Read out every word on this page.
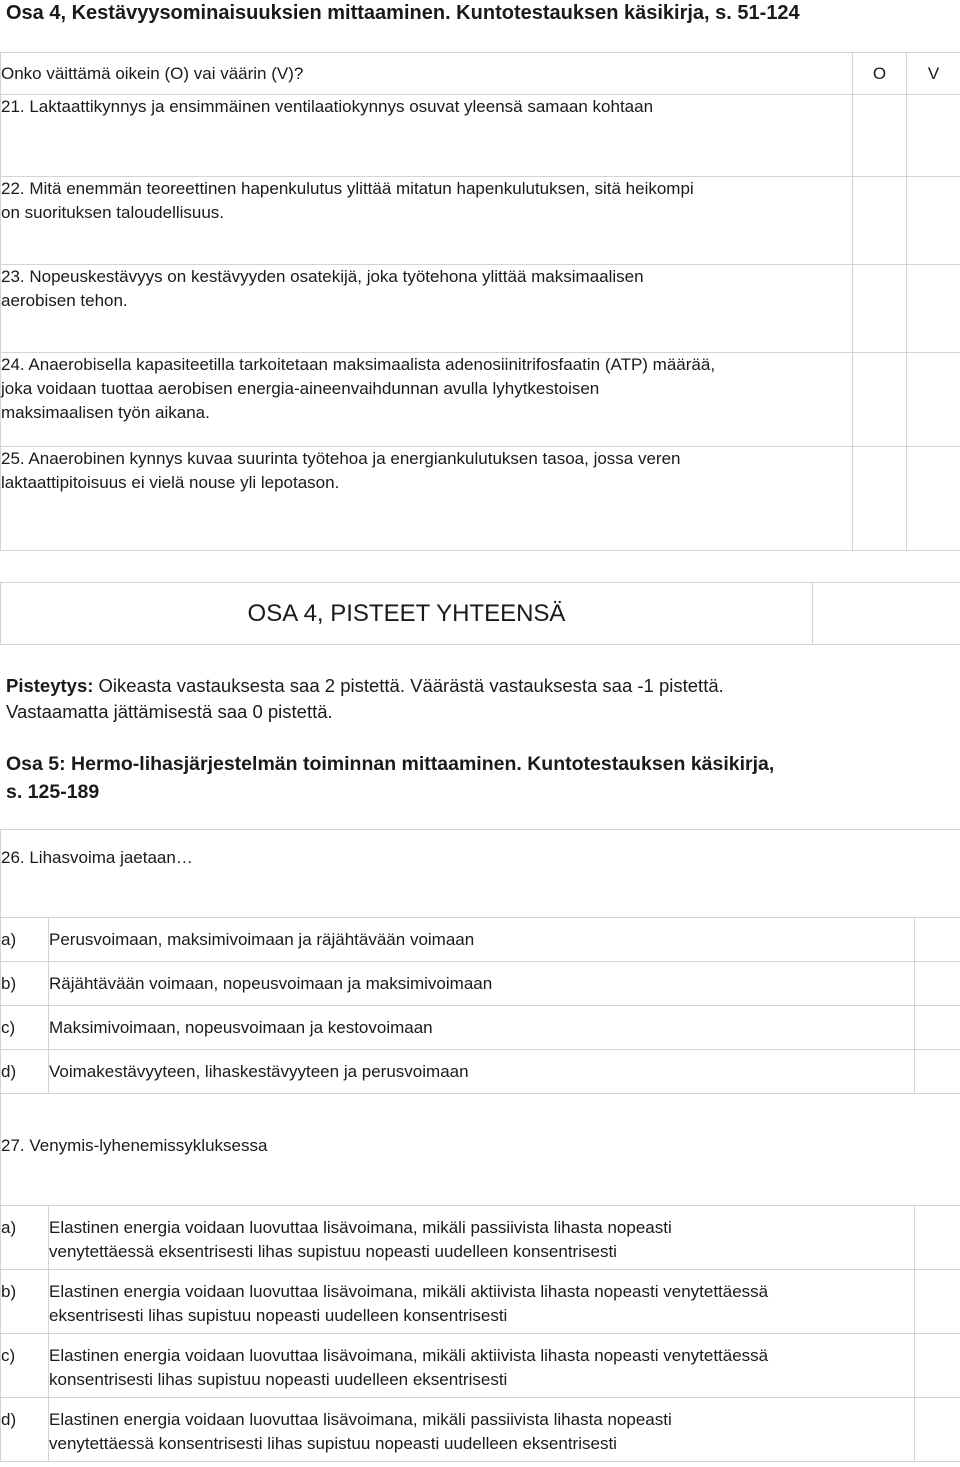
Osa 4, Kestävyysominaisuuksien mittaaminen. Kuntotestauksen käsikirja, s. 51-124
Onko väittämä oikein (O) vai väärin (V)?	O	V

21. Laktaattikynnys ja ensimmäinen ventilaatiokynnys osuvat yleensä samaan kohtaan		

22. Mitä enemmän teoreettinen hapenkulutus ylittää mitatun hapenkulutuksen, sitä heikompi
on suorituksen taloudellisuus.		

23. Nopeuskestävyys on kestävyyden osatekijä, joka työtehona ylittää maksimaalisen
aerobisen tehon.		

24. Anaerobisella kapasiteetilla tarkoitetaan maksimaalista adenosiinitrifosfaatin (ATP) määrää,
joka voidaan tuottaa aerobisen energia-aineenvaihdunnan avulla lyhytkestoisen
maksimaalisen työn aikana.		

25. Anaerobinen kynnys kuvaa suurinta työtehoa ja energiankulutuksen tasoa, jossa veren
laktaattipitoisuus ei vielä nouse yli lepotason.		

OSA 4, PISTEET YHTEENSÄ	
Pisteytys: Oikeasta vastauksesta saa 2 pistettä. Väärästä vastauksesta saa -1 pistettä.
Vastaamatta jättämisestä saa 0 pistettä.
Osa 5: Hermo-lihasjärjestelmän toiminnan mittaaminen. Kuntotestauksen käsikirja,
s. 125-189
26. Lihasvoima jaetaan…		
a)	Perusvoimaan, maksimivoimaan ja räjähtävään voimaan	
b)	Räjähtävään voimaan, nopeusvoimaan ja maksimivoimaan	
c)	Maksimivoimaan, nopeusvoimaan ja kestovoimaan	
d)	Voimakestävyyteen, lihaskestävyyteen ja perusvoimaan	
27. Venymis-lyhenemissykluksessa		
a)	Elastinen energia voidaan luovuttaa lisävoimana, mikäli passiivista lihasta nopeasti
venytettäessä eksentrisesti lihas supistuu nopeasti uudelleen konsentrisesti	

b)	Elastinen energia voidaan luovuttaa lisävoimana, mikäli aktiivista lihasta nopeasti venytettäessä
eksentrisesti lihas supistuu nopeasti uudelleen konsentrisesti	

c)	Elastinen energia voidaan luovuttaa lisävoimana, mikäli aktiivista lihasta nopeasti venytettäessä
konsentrisesti lihas supistuu nopeasti uudelleen eksentrisesti	

d)	Elastinen energia voidaan luovuttaa lisävoimana, mikäli passiivista lihasta nopeasti
venytettäessä konsentrisesti lihas supistuu nopeasti uudelleen eksentrisesti	
